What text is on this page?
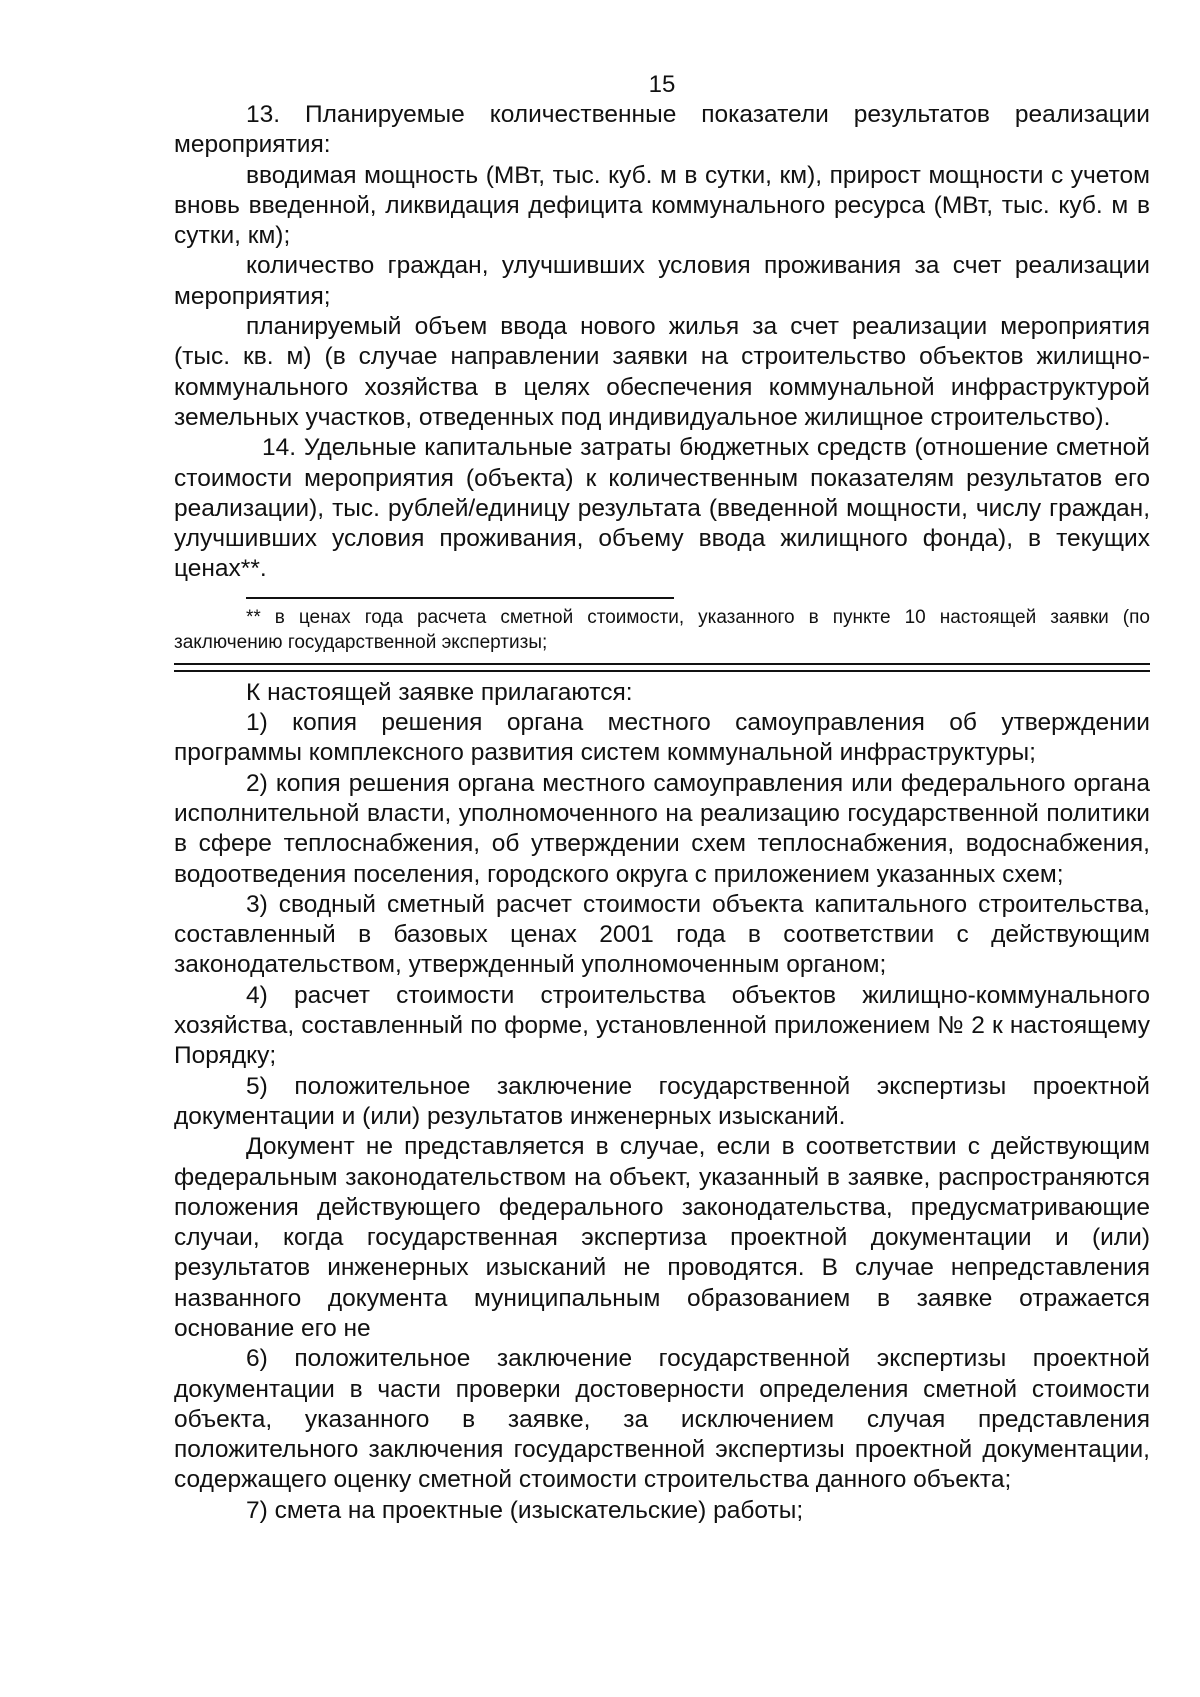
15

13. Планируемые количественные показатели результатов реализации мероприятия:

вводимая мощность (МВт, тыс. куб. м в сутки, км), прирост мощности с учетом вновь введенной, ликвидация дефицита коммунального ресурса (МВт, тыс. куб. м в сутки, км);

количество граждан, улучшивших условия проживания за счет реализации мероприятия;

планируемый объем ввода нового жилья за счет реализации мероприятия (тыс. кв. м) (в случае направлении заявки на строительство объектов жилищно-коммунального хозяйства в целях обеспечения коммунальной инфраструктурой земельных участков, отведенных под индивидуальное жилищное строительство).

14. Удельные капитальные затраты бюджетных средств (отношение сметной стоимости мероприятия (объекта) к количественным показателям результатов его реализации), тыс. рублей/единицу результата (введенной мощности, числу граждан, улучшивших условия проживания, объему ввода жилищного фонда), в текущих ценах**.

** в ценах года расчета сметной стоимости, указанного в пункте 10 настоящей заявки (по заключению государственной экспертизы;

К настоящей заявке прилагаются:

1) копия решения органа местного самоуправления об утверждении программы комплексного развития систем коммунальной инфраструктуры;

2) копия решения органа местного самоуправления или федерального органа исполнительной власти, уполномоченного на реализацию государственной политики в сфере теплоснабжения, об утверждении схем теплоснабжения, водоснабжения, водоотведения поселения, городского округа с приложением указанных схем;

3) сводный сметный расчет стоимости объекта капитального строительства, составленный в базовых ценах 2001 года в соответствии с действующим законодательством, утвержденный уполномоченным органом;

4) расчет стоимости строительства объектов жилищно-коммунального хозяйства, составленный по форме, установленной приложением № 2 к настоящему Порядку;

5) положительное заключение государственной экспертизы проектной документации и (или) результатов инженерных изысканий.

Документ не представляется в случае, если в соответствии с действующим федеральным законодательством на объект, указанный в заявке, распространяются положения действующего федерального законодательства, предусматривающие случаи, когда государственная экспертиза проектной документации и (или) результатов инженерных изысканий не проводятся. В случае непредставления названного документа муниципальным образованием в заявке отражается основание его не

6) положительное заключение государственной экспертизы проектной документации в части проверки достоверности определения сметной стоимости объекта, указанного в заявке, за исключением случая представления положительного заключения государственной экспертизы проектной документации, содержащего оценку сметной стоимости строительства данного объекта;

7) смета на проектные (изыскательские) работы;
